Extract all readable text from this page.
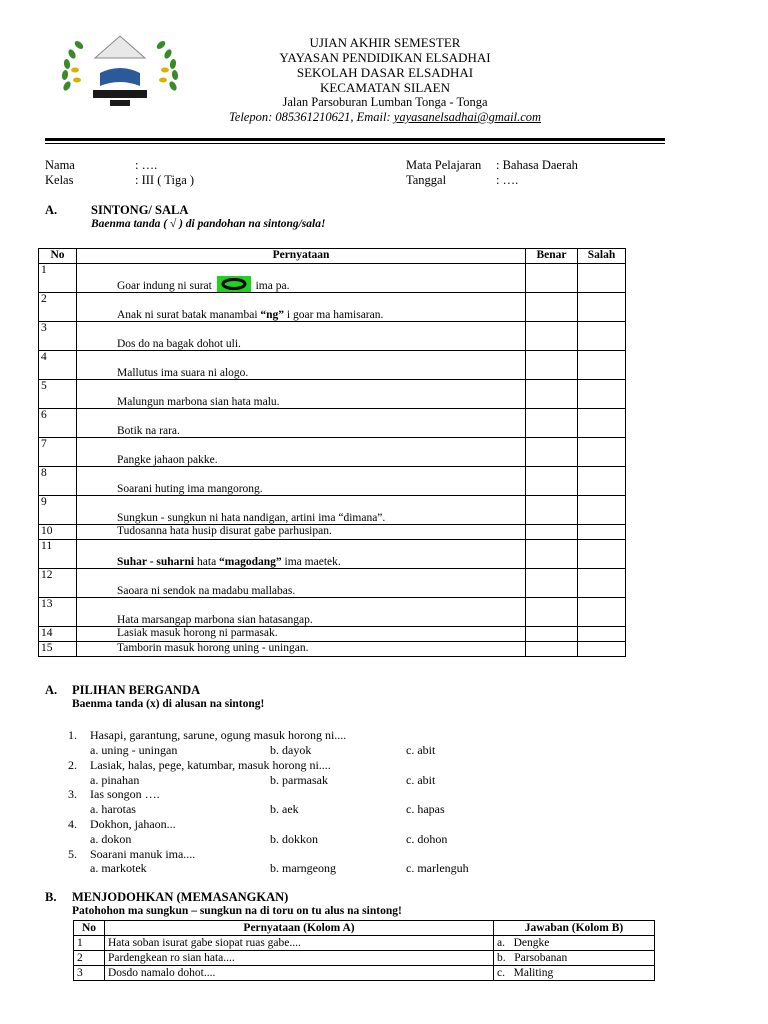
UJIAN AKHIR SEMESTER
YAYASAN PENDIDIKAN ELSADHAI
SEKOLAH DASAR ELSADHAI
KECAMATAN SILAEN
Jalan Parsoburan Lumban Tonga - Tonga
Telepon: 085361210621, Email: yayasanelsadhai@gmail.com
Nama	: ….
Kelas	: III ( Tiga )
Mata Pelajaran : Bahasa Daerah
Tanggal	: ….
A.	SINTONG/ SALA
Baenma tanda ( √ ) di pandohan na sintong/sala!
No	Pernyataan	Benar	Salah
1	Goar indung ni surat ima pa.		
2	Anak ni surat batak manambai “ng” i goar ma hamisaran.		
3	Dos do na bagak dohot uli.		
4	Mallutus ima suara ni alogo.		
5	Malungun marbona sian hata malu.		
6	Botik na rara.		
7	Pangke jahaon pakke.		
8	Soarani huting ima mangorong.		
9	Sungkun - sungkun ni hata nandigan, artini ima “dimana”.		
10	Tudosanna hata husip disurat gabe parhusipan.		
11	Suhar - suharni hata “magodang” ima maetek.		
12	Saoara ni sendok na madabu mallabas.		
13	Hata marsangap marbona sian hatasangap.		
14	Lasiak masuk horong ni parmasak.		
15	Tamborin masuk horong uning - uningan.		
A. PILIHAN BERGANDA
Baenma tanda (x) di alusan na sintong!
1. Hasapi, garantung, sarune, ogung masuk horong ni....
a. uning - uningan	b. dayok	c. abit
2. Lasiak, halas, pege, katumbar, masuk horong ni....
a. pinahan	b. parmasak	c. abit
3. Ias songon ….
a. harotas	b. aek	c. hapas
4. Dokhon, jahaon...
a. dokon	b. dokkon	c. dohon
5. Soarani manuk ima....
a. markotek	b. marngeong	c. marlenguh
B. MENJODOHKAN (MEMASANGKAN)
Patohohon ma sungkun – sungkun na di toru on tu alus na sintong!
No	Pernyataan (Kolom A)	Jawaban (Kolom B)
1	Hata soban isurat gabe siopat ruas gabe....	a. Dengke
2	Pardengkean ro sian hata....	b. Parsobanan
3	Dosdo namalo dohot....	c. Maliting
